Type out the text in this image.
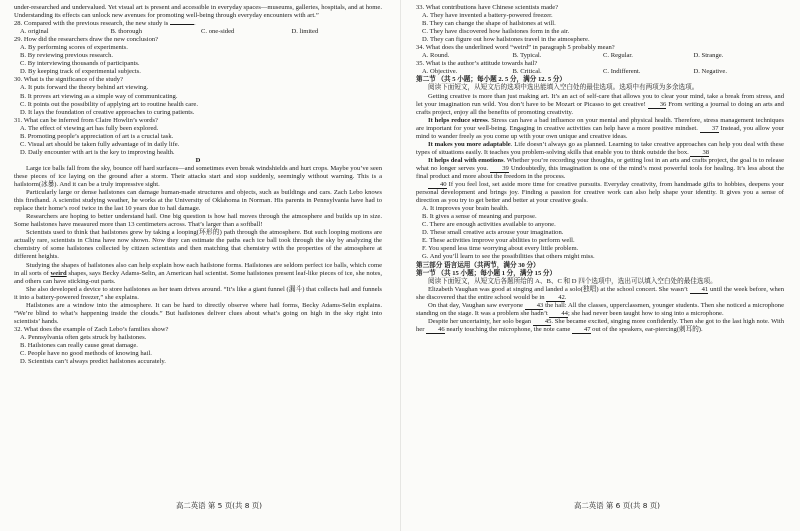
under-researched and undervalued. Yet visual art is present and accessible in everyday spaces—museums, galleries, hospitals, and at home. Understanding its effects can unlock new avenues for promoting well-being through everyday encounters with art.”

28. Compared with the previous research, the new study is	.

A. original	B. thorough	C. one-sided	D. limited

29. How did the researchers draw the new conclusion?

A. By performing scores of experiments.

B. By reviewing previous research.

C. By interviewing thousands of participants.

D. By keeping track of experimental subjects.

30. What is the significance of the study?

A. It puts forward the theory behind art viewing.

B. It proves art viewing as a simple way of communicating.

C. It points out the possibility of applying art to routine health care.

D. It lays the foundation of creative approaches to curing patients.

31. What can be inferred from Claire Howlin’s words?

A. The effect of viewing art has fully been explored.

B. Promoting people’s appreciation of art is a crucial task.

C. Visual art should be taken fully advantage of in daily life.

D. Daily encounter with art is the key to improving health.

D

Large ice balls fall from the sky, bounce off hard surfaces—and sometimes even break windshields and hurt crops. Maybe you’ve seen these pieces of ice laying on the ground after a storm. Their attacks start and stop suddenly, seemingly without warning. This is a hailstorm(冰暴). And it can be a truly impressive sight.

Particularly large or dense hailstones can damage human-made structures and objects, such as buildings and cars. Zach Lebo knows this firsthand. A scientist studying weather, he works at the University of Oklahoma in Norman. His parents in Pennsylvania have had to replace their home’s roof twice in the last 10 years due to hail damage.

Researchers are hoping to better understand hail. One big question is how hail moves through the atmosphere and builds up in size. Some hailstones have measured more than 13 centimeters across. That’s larger than a softball!

Scientists used to think that hailstones grew by taking a looping(环形的) path through the atmosphere. But such looping motions are actually rare, scientists in China have now shown. Now they can estimate the paths each ice ball took through the sky by analyzing the chemistry of some hailstones collected by citizen scientists and then matching that chemistry with the properties of the atmosphere at different heights.

Studying the shapes of hailstones also can help explain how each hailstone forms. Hailstones are seldom perfect ice balls, which come in all sorts of weird shapes, says Becky Adams-Selin, an American hail scientist. Some hailstones present leaf-like pieces of ice, she notes, and others can have sticking-out parts.

She also developed a device to store hailstones as her team drives around. “It’s like a giant funnel (漏斗) that collects hail and funnels it into a battery-powered freezer,” she explains.

Hailstones are a window into the atmosphere. It can be hard to directly observe where hail forms, Becky Adams-Selin explains. “We’re blind to what’s happening inside the clouds.” But hailstones deliver clues about what’s going on high in the sky right into scientists’ hands.

32. What does the example of Zach Lebo’s families show?

A. Pennsylvania often gets struck by hailstones.

B. Hailstones can really cause great damage.

C. People have no good methods of knowing hail.

D. Scientists can’t always predict hailstones accurately.

33. What contributions have Chinese scientists made?

A. They have invented a battery-powered freezer.

B. They can change the shape of hailstones at will.

C. They have discovered how hailstones form in the air.

D. They can figure out how hailstones travel in the atmosphere.

34. What does the underlined word “weird” in paragraph 5 probably mean?

A. Round.	B. Typical.	C. Regular.	D. Strange.

35. What is the author’s attitude towards hail?

A. Objective.	B. Critical.	C. Indifferent.	D. Negative.

第二节 （共 5 小题；每小题 2. 5 分，满分 12. 5 分）

阅读下面短文，从短文后的选项中选出能填入空白处的最佳选项。选项中有两项为多余选项。

Getting creative is more than just making art. It’s an act of self-care that allows you to clear your mind, take a break from stress, and let your imagination run wild. You don’t have to be Mozart or Picasso to get creative! 36 From writing a journal to doing an arts and crafts project, enjoy all the benefits of promoting creativity.

It helps reduce stress. Stress can have a bad influence on your mental and physical health. Therefore, stress management techniques are important for your well-being. Engaging in creative activities can help have a more positive mindset. 37 Instead, you allow your mind to wander freely as you come up with your own unique and creative ideas.

It makes you more adaptable. Life doesn’t always go as planned. Learning to take creative approaches can help you deal with these types of situations easily. It teaches you problem-solving skills that enable you to think outside the box. 38

It helps deal with emotions. Whether you’re recording your thoughts, or getting lost in an arts and crafts project, the goal is to release what no longer serves you. 39 Undoubtedly, this imagination is one of the mind’s most powerful tools for healing. It’s less about the final product and more about the freedom in the process.

40 If you feel lost, set aside more time for creative pursuits. Everyday creativity, from handmade gifts to hobbies, deepens your personal development and brings joy. Finding a passion for creative work can also help shape your identity. It gives you a sense of direction as you try to get better and better at your creative goals.

A. It improves your brain health.

B. It gives a sense of meaning and purpose.

C. There are enough activities available to anyone.

D. These small creative acts arouse your imagination.

E. These activities improve your abilities to perform well.

F. You spend less time worrying about every little problem.

G. And you’ll learn to see the possibilities that others might miss.

第三部分 语言运用（共两节，满分 30 分）

第一节 （共 15 小题；每小题 1 分，满分 15 分）

阅读下面短文，从短文后各题所给的 A、B、C 和 D 四个选项中，选出可以填入空白处的最佳选项。

Elizabeth Vaughan was good at singing and landed a solo(独唱) at the school concert. She wasn’t 41 until the week before, when she discovered that the entire school would be in 42.

On that day, Vaughan saw everyone 43 the hall: All the classes, upperclassmen, younger students. Then she noticed a microphone standing on the stage. It was a problem she hadn’t 44; she had never been taught how to sing into a microphone.

Despite her uncertainty, her solo began 45. She became excited, singing more confidently. Then she got to the last high note. With her 46 nearly touching the microphone, the note came 47 out of the speakers, ear-piercing(刺耳的).

高二英语 第 5 页(共 8 页)	高二英语 第 6 页(共 8 页)
